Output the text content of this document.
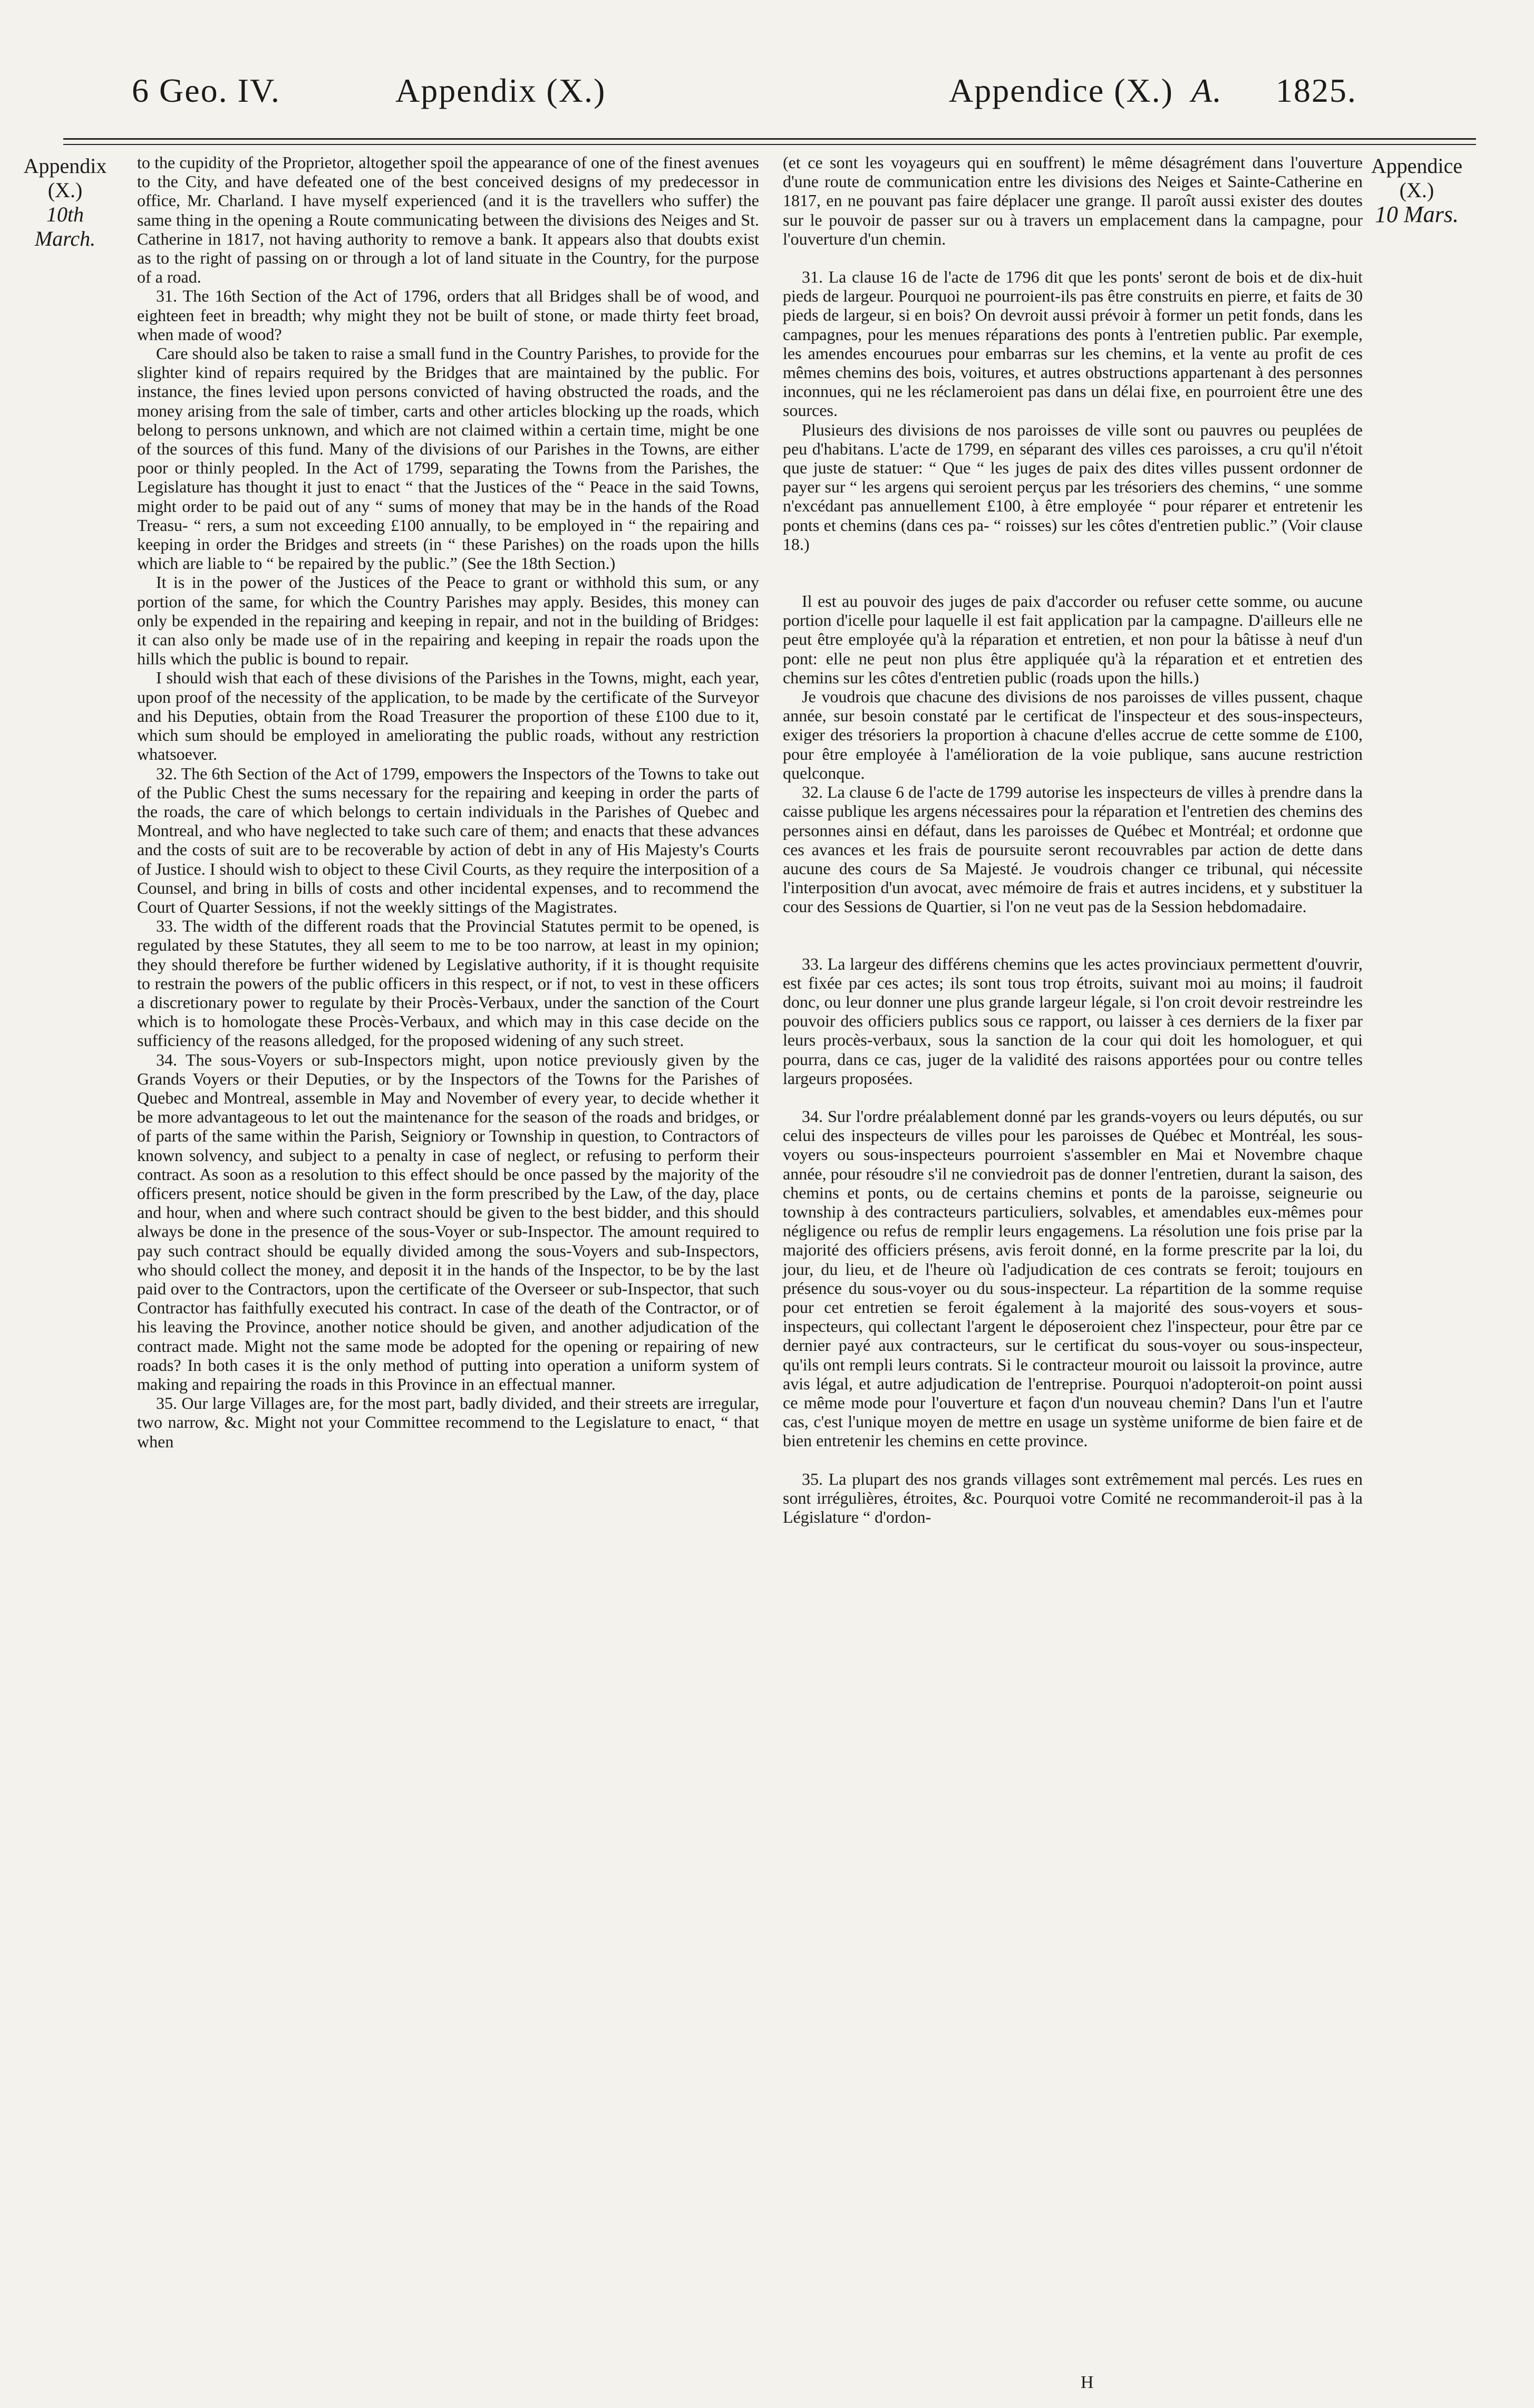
6 Geo. IV.	Appendix (X.)	Appendice (X.) A. 1825.
Appendix
(X.)
10th March.
Appendice
(X.)
10 Mars.

to the cupidity of the Proprietor, altogether spoil the appearance of one of the finest avenues to the City, and have defeated one of the best conceived designs of my predecessor in office, Mr. Charland. I have myself experienced (and it is the travellers who suffer) the same thing in the opening a Route communicating between the divisions des Neiges and St. Catherine in 1817, not having authority to remove a bank. It appears also that doubts exist as to the right of passing on or through a lot of land situate in the Country, for the purpose of a road.

31. The 16th Section of the Act of 1796, orders that all Bridges shall be of wood, and eighteen feet in breadth; why might they not be built of stone, or made thirty feet broad, when made of wood?

Care should also be taken to raise a small fund in the Country Parishes, to provide for the slighter kind of repairs required by the Bridges that are maintained by the public. For instance, the fines levied upon persons convicted of having obstructed the roads, and the money arising from the sale of timber, carts and other articles blocking up the roads, which belong to persons unknown, and which are not claimed within a certain time, might be one of the sources of this fund. Many of the divisions of our Parishes in the Towns, are either poor or thinly peopled. In the Act of 1799, separating the Towns from the Parishes, the Legislature has thought it just to enact “ that the Justices of the “ Peace in the said Towns, might order to be paid out of any “ sums of money that may be in the hands of the Road Treasu- “ rers, a sum not exceeding £100 annually, to be employed in “ the repairing and keeping in order the Bridges and streets (in “ these Parishes) on the roads upon the hills which are liable to “ be repaired by the public.” (See the 18th Section.)

It is in the power of the Justices of the Peace to grant or withhold this sum, or any portion of the same, for which the Country Parishes may apply. Besides, this money can only be expended in the repairing and keeping in repair, and not in the building of Bridges: it can also only be made use of in the repairing and keeping in repair the roads upon the hills which the public is bound to repair.

I should wish that each of these divisions of the Parishes in the Towns, might, each year, upon proof of the necessity of the application, to be made by the certificate of the Surveyor and his Deputies, obtain from the Road Treasurer the proportion of these £100 due to it, which sum should be employed in ameliorating the public roads, without any restriction whatsoever.

32. The 6th Section of the Act of 1799, empowers the Inspectors of the Towns to take out of the Public Chest the sums necessary for the repairing and keeping in order the parts of the roads, the care of which belongs to certain individuals in the Parishes of Quebec and Montreal, and who have neglected to take such care of them; and enacts that these advances and the costs of suit are to be recoverable by action of debt in any of His Majesty's Courts of Justice. I should wish to object to these Civil Courts, as they require the interposition of a Counsel, and bring in bills of costs and other incidental expenses, and to recommend the Court of Quarter Sessions, if not the weekly sittings of the Magistrates.

33. The width of the different roads that the Provincial Statutes permit to be opened, is regulated by these Statutes, they all seem to me to be too narrow, at least in my opinion; they should therefore be further widened by Legislative authority, if it is thought requisite to restrain the powers of the public officers in this respect, or if not, to vest in these officers a discretionary power to regulate by their Procès-Verbaux, under the sanction of the Court which is to homologate these Procès-Verbaux, and which may in this case decide on the sufficiency of the reasons alledged, for the proposed widening of any such street.

34. The sous-Voyers or sub-Inspectors might, upon notice previously given by the Grands Voyers or their Deputies, or by the Inspectors of the Towns for the Parishes of Quebec and Montreal, assemble in May and November of every year, to decide whether it be more advantageous to let out the maintenance for the season of the roads and bridges, or of parts of the same within the Parish, Seigniory or Township in question, to Contractors of known solvency, and subject to a penalty in case of neglect, or refusing to perform their contract. As soon as a resolution to this effect should be once passed by the majority of the officers present, notice should be given in the form prescribed by the Law, of the day, place and hour, when and where such contract should be given to the best bidder, and this should always be done in the presence of the sous-Voyer or sub-Inspector. The amount required to pay such contract should be equally divided among the sous-Voyers and sub-Inspectors, who should collect the money, and deposit it in the hands of the Inspector, to be by the last paid over to the Contractors, upon the certificate of the Overseer or sub-Inspector, that such Contractor has faithfully executed his contract. In case of the death of the Contractor, or of his leaving the Province, another notice should be given, and another adjudication of the contract made. Might not the same mode be adopted for the opening or repairing of new roads? In both cases it is the only method of putting into operation a uniform system of making and repairing the roads in this Province in an effectual manner.

35. Our large Villages are, for the most part, badly divided, and their streets are irregular, two narrow, &c. Might not your Committee recommend to the Legislature to enact, “ that when

(et ce sont les voyageurs qui en souffrent) le même désagrément dans l'ouverture d'une route de communication entre les divisions des Neiges et Sainte-Catherine en 1817, en ne pouvant pas faire déplacer une grange. Il paroît aussi exister des doutes sur le pouvoir de passer sur ou à travers un emplacement dans la campagne, pour l'ouverture d'un chemin.

31. La clause 16 de l'acte de 1796 dit que les ponts' seront de bois et de dix-huit pieds de largeur. Pourquoi ne pourroient-ils pas être construits en pierre, et faits de 30 pieds de largeur, si en bois? On devroit aussi prévoir à former un petit fonds, dans les campagnes, pour les menues réparations des ponts à l'entretien public. Par exemple, les amendes encourues pour embarras sur les chemins, et la vente au profit de ces mêmes chemins des bois, voitures, et autres obstructions appartenant à des personnes inconnues, qui ne les réclameroient pas dans un délai fixe, en pourroient être une des sources.

Plusieurs des divisions de nos paroisses de ville sont ou pauvres ou peuplées de peu d'habitans. L'acte de 1799, en séparant des villes ces paroisses, a cru qu'il n'étoit que juste de statuer: “ Que “ les juges de paix des dites villes pussent ordonner de payer sur “ les argens qui seroient perçus par les trésoriers des chemins, “ une somme n'excédant pas annuellement £100, à être employée “ pour réparer et entretenir les ponts et chemins (dans ces pa- “ roisses) sur les côtes d'entretien public.” (Voir clause 18.)

Il est au pouvoir des juges de paix d'accorder ou refuser cette somme, ou aucune portion d'icelle pour laquelle il est fait application par la campagne. D'ailleurs elle ne peut être employée qu'à la réparation et entretien, et non pour la bâtisse à neuf d'un pont: elle ne peut non plus être appliquée qu'à la réparation et et entretien des chemins sur les côtes d'entretien public (roads upon the hills.)

Je voudrois que chacune des divisions de nos paroisses de villes pussent, chaque année, sur besoin constaté par le certificat de l'inspecteur et des sous-inspecteurs, exiger des trésoriers la proportion à chacune d'elles accrue de cette somme de £100, pour être employée à l'amélioration de la voie publique, sans aucune restriction quelconque.

32. La clause 6 de l'acte de 1799 autorise les inspecteurs de villes à prendre dans la caisse publique les argens nécessaires pour la réparation et l'entretien des chemins des personnes ainsi en défaut, dans les paroisses de Québec et Montréal; et ordonne que ces avances et les frais de poursuite seront recouvrables par action de dette dans aucune des cours de Sa Majesté. Je voudrois changer ce tribunal, qui nécessite l'interposition d'un avocat, avec mémoire de frais et autres incidens, et y substituer la cour des Sessions de Quartier, si l'on ne veut pas de la Session hebdomadaire.

33. La largeur des différens chemins que les actes provinciaux permettent d'ouvrir, est fixée par ces actes; ils sont tous trop étroits, suivant moi au moins; il faudroit donc, ou leur donner une plus grande largeur légale, si l'on croit devoir restreindre les pouvoir des officiers publics sous ce rapport, ou laisser à ces derniers de la fixer par leurs procès-verbaux, sous la sanction de la cour qui doit les homologuer, et qui pourra, dans ce cas, juger de la validité des raisons apportées pour ou contre telles largeurs proposées.

34. Sur l'ordre préalablement donné par les grands-voyers ou leurs députés, ou sur celui des inspecteurs de villes pour les paroisses de Québec et Montréal, les sous-voyers ou sous-inspecteurs pourroient s'assembler en Mai et Novembre chaque année, pour résoudre s'il ne conviedroit pas de donner l'entretien, durant la saison, des chemins et ponts, ou de certains chemins et ponts de la paroisse, seigneurie ou township à des contracteurs particuliers, solvables, et amendables eux-mêmes pour négligence ou refus de remplir leurs engagemens. La résolution une fois prise par la majorité des officiers présens, avis feroit donné, en la forme prescrite par la loi, du jour, du lieu, et de l'heure où l'adjudication de ces contrats se feroit; toujours en présence du sous-voyer ou du sous-inspecteur. La répartition de la somme requise pour cet entretien se feroit également à la majorité des sous-voyers et sous-inspecteurs, qui collectant l'argent le déposeroient chez l'inspecteur, pour être par ce dernier payé aux contracteurs, sur le certificat du sous-voyer ou sous-inspecteur, qu'ils ont rempli leurs contrats. Si le contracteur mouroit ou laissoit la province, autre avis légal, et autre adjudication de l'entreprise. Pourquoi n'adopteroit-on point aussi ce même mode pour l'ouverture et façon d'un nouveau chemin? Dans l'un et l'autre cas, c'est l'unique moyen de mettre en usage un système uniforme de bien faire et de bien entretenir les chemins en cette province.

35. La plupart des nos grands villages sont extrêmement mal percés. Les rues en sont irrégulières, étroites, &c. Pourquoi votre Comité ne recommanderoit-il pas à la Législature “ d'ordon-

H
